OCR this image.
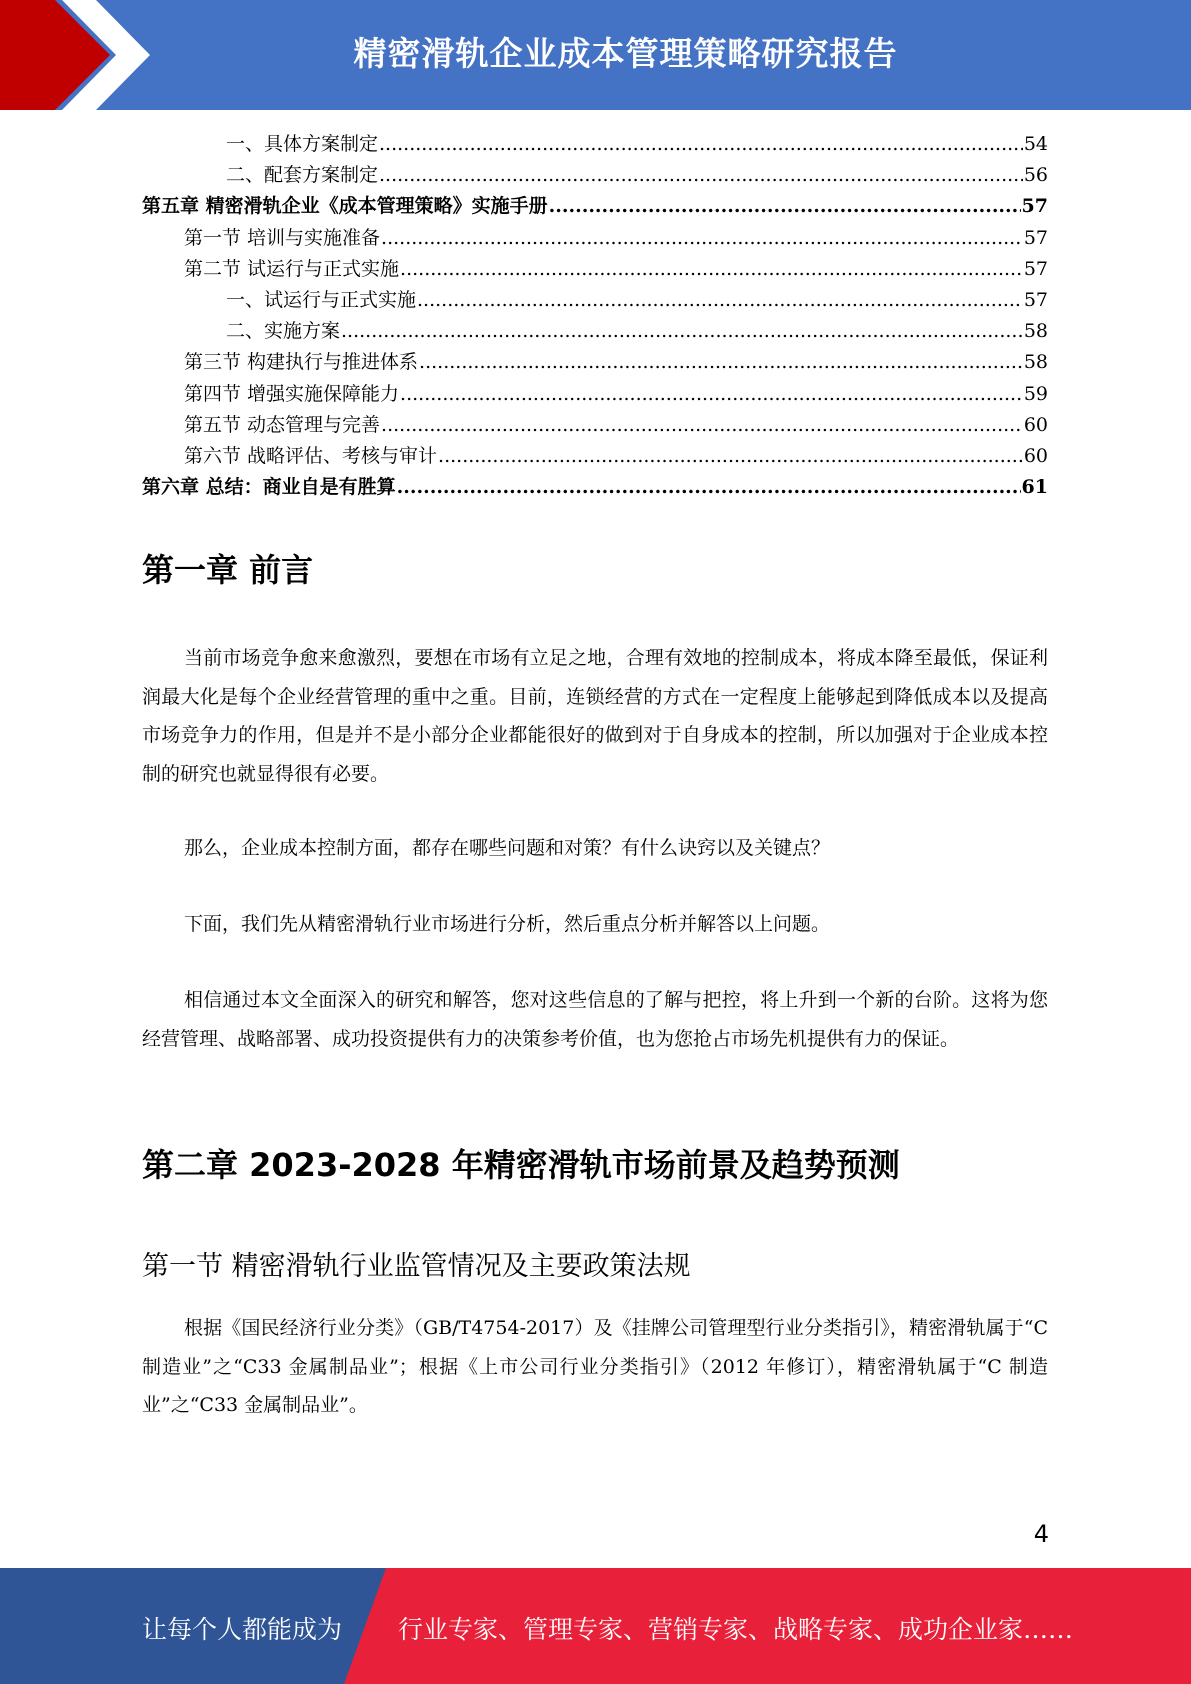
精密滑轨企业成本管理策略研究报告
一、具体方案制定 .....	54
二、配套方案制定 .....	56
第五章 精密滑轨企业《成本管理策略》实施手册 .....	57
第一节 培训与实施准备 .....	57
第二节 试运行与正式实施 .....	57
一、试运行与正式实施 .....	57
二、实施方案 .....	58
第三节 构建执行与推进体系 .....	58
第四节 增强实施保障能力 .....	59
第五节 动态管理与完善 .....	60
第六节 战略评估、考核与审计 .....	60
第六章 总结：商业自是有胜算 .....	61
第一章 前言

当前市场竞争愈来愈激烈，要想在市场有立足之地，合理有效地的控制成本，将成本降至最低，保证利润最大化是每个企业经营管理的重中之重。目前，连锁经营的方式在一定程度上能够起到降低成本以及提高市场竞争力的作用，但是并不是小部分企业都能很好的做到对于自身成本的控制，所以加强对于企业成本控制的研究也就显得很有必要。

那么，企业成本控制方面，都存在哪些问题和对策？有什么诀窍以及关键点？

下面，我们先从精密滑轨行业市场进行分析，然后重点分析并解答以上问题。

相信通过本文全面深入的研究和解答，您对这些信息的了解与把控，将上升到一个新的台阶。这将为您经营管理、战略部署、成功投资提供有力的决策参考价值，也为您抢占市场先机提供有力的保证。

第二章 2023-2028 年精密滑轨市场前景及趋势预测
第一节 精密滑轨行业监管情况及主要政策法规

根据《国民经济行业分类》（GB/T4754-2017）及《挂牌公司管理型行业分类指引》，精密滑轨属于“C 制造业”之“C33 金属制品业”；根据《上市公司行业分类指引》（2012 年修订），精密滑轨属于“C 制造业”之“C33 金属制品业”。

4
让每个人都能成为 行业专家、管理专家、营销专家、战略专家、成功企业家……
